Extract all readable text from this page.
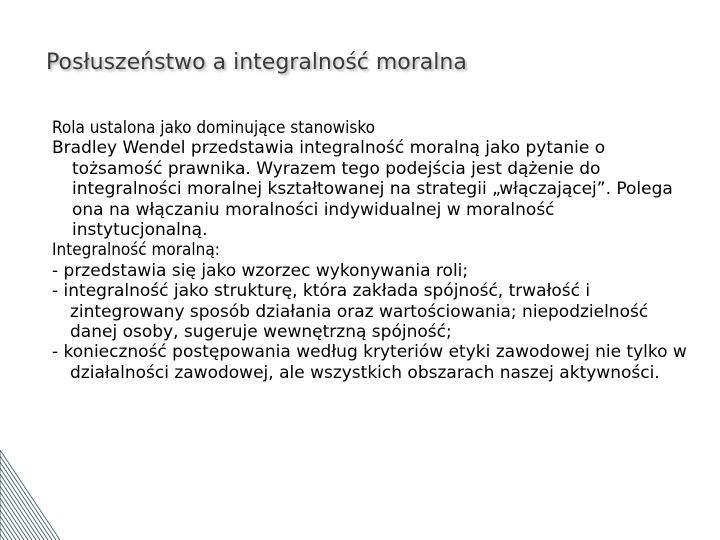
Posłuszeństwo a integralność moralna

Rola ustalona jako dominujące stanowisko

Bradley Wendel przedstawia integralność moralną jako pytanie o tożsamość prawnika. Wyrazem tego podejścia jest dążenie do integralności moralnej kształtowanej na strategii „włączającej”. Polega ona na włączaniu moralności indywidualnej w moralność instytucjonalną.

Integralność moralną:

- przedstawia się jako wzorzec wykonywania roli;

- integralność jako strukturę, która zakłada spójność, trwałość i zintegrowany sposób działania oraz wartościowania; niepodzielność danej osoby, sugeruje wewnętrzną spójność;

- konieczność postępowania według kryteriów etyki zawodowej nie tylko w działalności zawodowej, ale wszystkich obszarach naszej aktywności.
